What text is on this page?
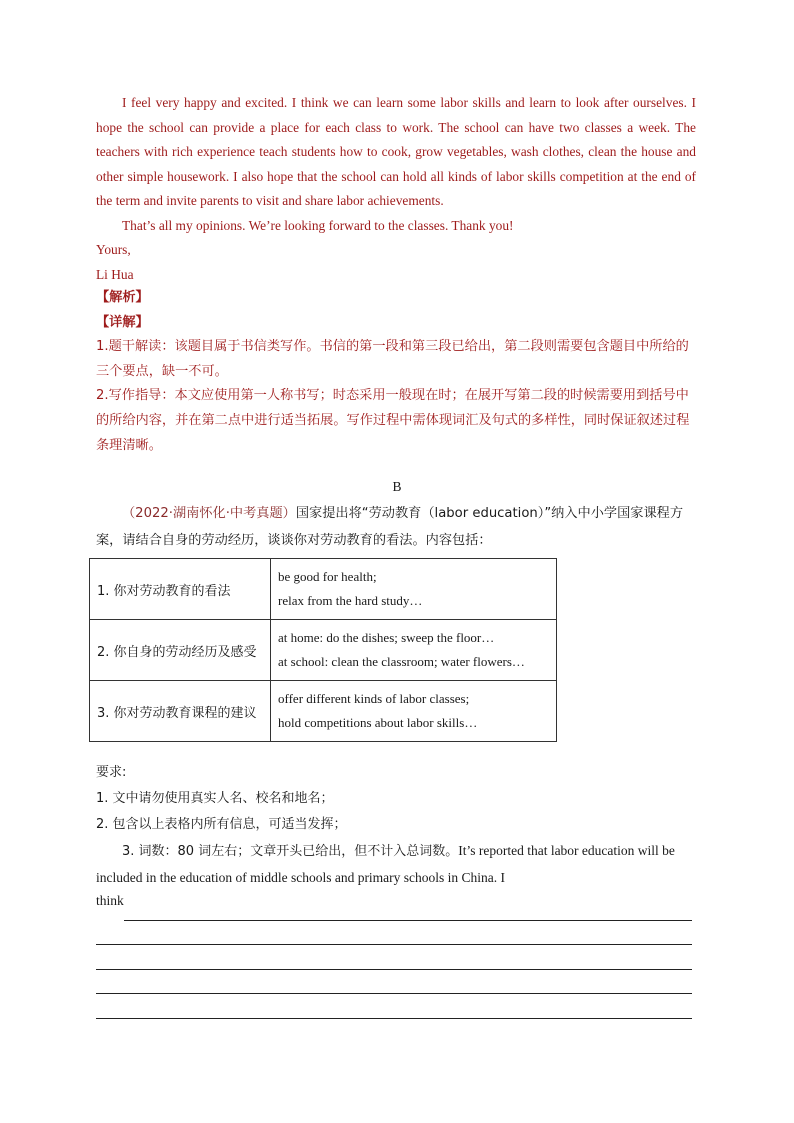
I feel very happy and excited. I think we can learn some labor skills and learn to look after ourselves. I hope the school can provide a place for each class to work. The school can have two classes a week. The teachers with rich experience teach students how to cook, grow vegetables, wash clothes, clean the house and other simple housework. I also hope that the school can hold all kinds of labor skills competition at the end of the term and invite parents to visit and share labor achievements.

That’s all my opinions. We’re looking forward to the classes. Thank you!

Yours,

Li Hua

【解析】

【详解】

1.题干解读：该题目属于书信类写作。书信的第一段和第三段已给出，第二段则需要包含题目中所给的三个要点，缺一不可。

2.写作指导：本文应使用第一人称书写；时态采用一般现在时；在展开写第二段的时候需要用到括号中的所给内容，并在第二点中进行适当拓展。写作过程中需体现词汇及句式的多样性，同时保证叙述过程条理清晰。

B

（2022·湖南怀化·中考真题）国家提出将“劳动教育（labor education）”纳入中小学国家课程方案，请结合自身的劳动经历，谈谈你对劳动教育的看法。内容包括：

1. 你对劳动教育的看法	be good for health;
relax from the hard study…

2. 你自身的劳动经历及感受	at home: do the dishes; sweep the floor…
at school: clean the classroom; water flowers…

3. 你对劳动教育课程的建议	offer different kinds of labor classes;
hold competitions about labor skills…

要求:

1. 文中请勿使用真实人名、校名和地名；

2. 包含以上表格内所有信息，可适当发挥；

3. 词数：80 词左右；文章开头已给出，但不计入总词数。It’s reported that labor education will be included in the education of middle schools and primary schools in China. I

think
